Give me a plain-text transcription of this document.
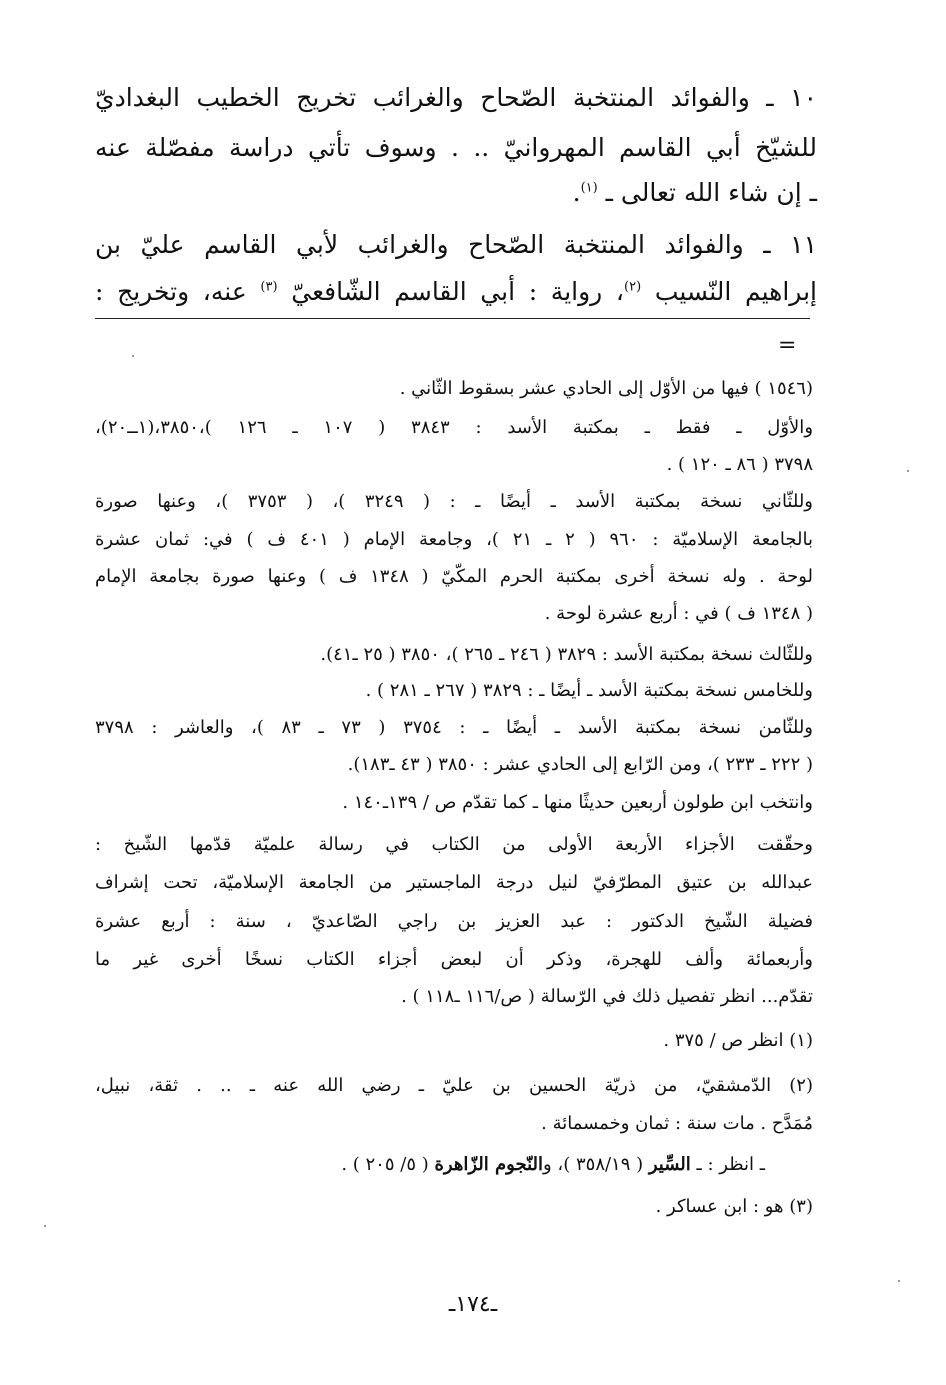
١٠ ـ والفوائد المنتخبة الصّحاح والغرائب تخريج الخطيب البغداديّ
للشيّخ أبي القاسم المهروانيّ .. . وسوف تأتي دراسة مفصّلة عنه
ـ إن شاء الله تعالى ـ $^{(١)}$.
١١ ـ والفوائد المنتخبة الصّحاح والغرائب لأبي القاسم عليّ بن
إبراهيم النّسيب $^{(٢)}$، رواية : أبي القاسم الشّافعيّ $^{(٣)}$ عنه، وتخريج :
=
(١٥٤٦ ) فيها من الأوّل إلى الحادي عشر بسقوط الثّاني .
والأوّل ـ فقط ـ بمكتبة الأسد : ٣٨٤٣ ( ١٠٧ ـ ١٢٦ )،٣٨٥٠،(١ــ٢٠)،
٣٧٩٨ ( ٨٦ ـ ١٢٠ ) .
وللثّاني نسخة بمكتبة الأسد ـ أيضًا ـ : ( ٣٢٤٩ )، ( ٣٧٥٣ )، وعنها صورة
بالجامعة الإسلاميّة : ٩٦٠ ( ٢ ـ ٢١ )، وجامعة الإمام ( ٤٠١ ف ) في: ثمان عشرة
لوحة . وله نسخة أخرى بمكتبة الحرم المكّيّ ( ١٣٤٨ ف ) وعنها صورة بجامعة الإمام
( ١٣٤٨ ف ) في : أربع عشرة لوحة .
وللثّالث نسخة بمكتبة الأسد : ٣٨٢٩ ( ٢٤٦ ـ ٢٦٥ )، ٣٨٥٠ ( ٢٥ ـ٤١).
وللخامس نسخة بمكتبة الأسد ـ أيضًا ـ : ٣٨٢٩ ( ٢٦٧ ـ ٢٨١ ) .
وللثّامن نسخة بمكتبة الأسد ـ أيضًا ـ : ٣٧٥٤ ( ٧٣ ـ ٨٣ )، والعاشر : ٣٧٩٨
( ٢٢٢ ـ ٢٣٣ )، ومن الرّابع إلى الحادي عشر : ٣٨٥٠ ( ٤٣ ـ١٨٣).
وانتخب ابن طولون أربعين حديثًا منها ـ كما تقدّم ص / ١٣٩ـ١٤٠ .
وحقّقت الأجزاء الأربعة الأولى من الكتاب في رسالة علميّة قدّمها الشّيخ :
عبدالله بن عتيق المطرّفيّ لنيل درجة الماجستير من الجامعة الإسلاميّة، تحت إشراف
فضيلة الشّيخ الدكتور : عبد العزيز بن راجي الصّاعديّ ، سنة : أربع عشرة
وأربعمائة وألف للهجرة، وذكر أن لبعض أجزاء الكتاب نسخًا أخرى غير ما
تقدّم... انظر تفصيل ذلك في الرّسالة ( ص/١١٦ ـ١١٨ ) .
(١) انظر ص / ٣٧٥ .
(٢) الدّمشقيّ، من ذريّة الحسين بن عليّ ـ رضي الله عنه ـ .. . ثقة، نبيل،
مُمَدَّح . مات سنة : ثمان وخمسمائة .
ـ انظر : ـ السِّير ( ٣٥٨/١٩ )، والنّجوم الزّاهرة ( ٥/ ٢٠٥ ) .
(٣) هو : ابن عساكر .
ـ١٧٤ـ
